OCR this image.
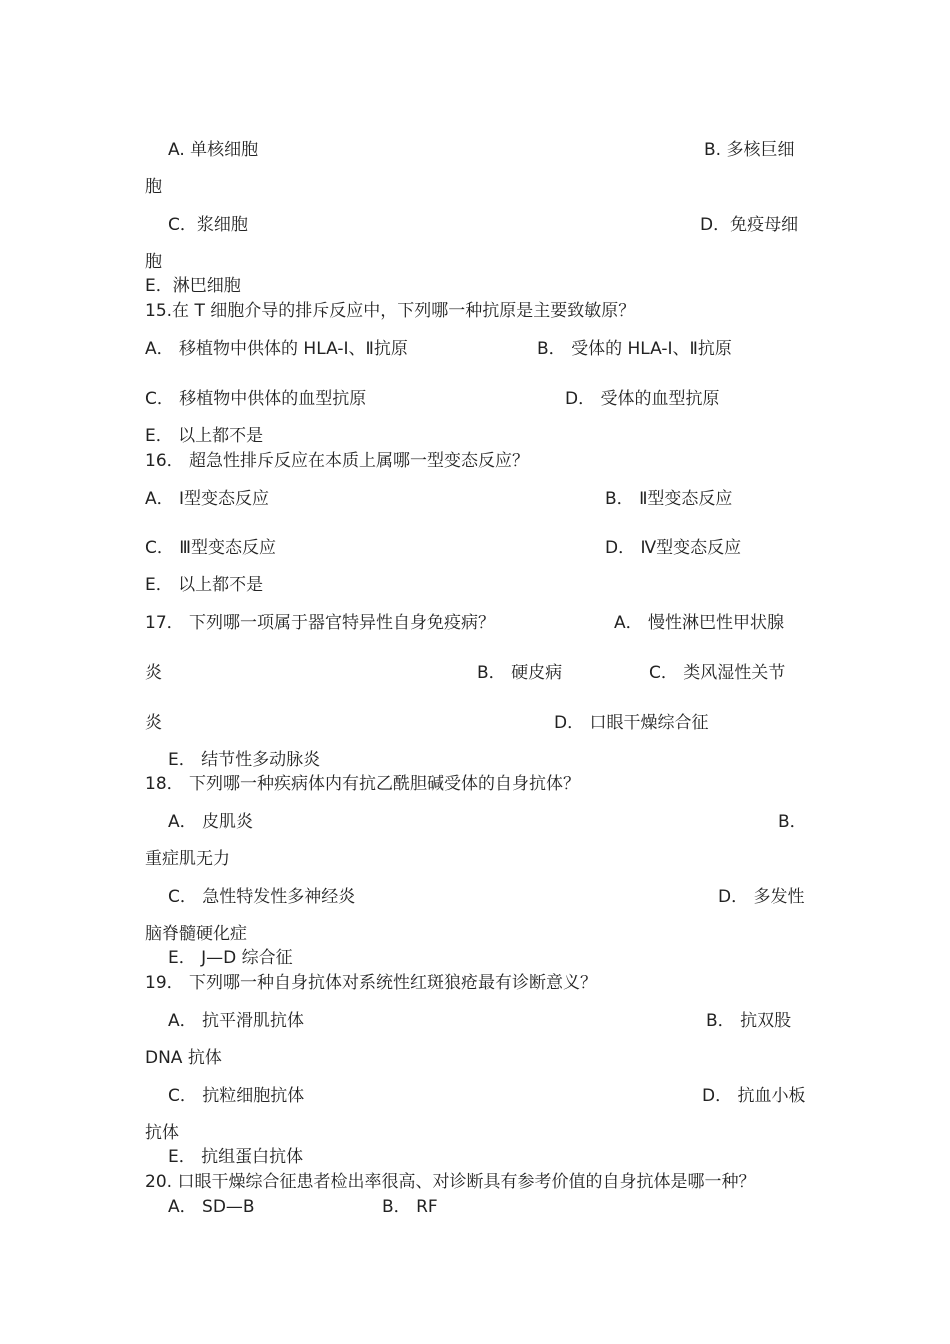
A. 单核细胞	B. 多核巨细
胞
C．浆细胞	D．免疫母细
胞
E．淋巴细胞
15.在 T 细胞介导的排斥反应中，下列哪一种抗原是主要致敏原？
A． 移植物中供体的 HLA-Ⅰ、Ⅱ抗原	B． 受体的 HLA-Ⅰ、Ⅱ抗原
C． 移植物中供体的血型抗原	D． 受体的血型抗原
E． 以上都不是
16． 超急性排斥反应在本质上属哪一型变态反应？
A． Ⅰ型变态反应	B． Ⅱ型变态反应
C． Ⅲ型变态反应	D． Ⅳ型变态反应
E． 以上都不是
17． 下列哪一项属于器官特异性自身免疫病？	A． 慢性淋巴性甲状腺
炎	B． 硬皮病	C． 类风湿性关节
炎	D． 口眼干燥综合征
E． 结节性多动脉炎
18． 下列哪一种疾病体内有抗乙酰胆碱受体的自身抗体？
A． 皮肌炎	B．
重症肌无力
C． 急性特发性多神经炎	D． 多发性
脑脊髓硬化症
E． J—D 综合征
19． 下列哪一种自身抗体对系统性红斑狼疮最有诊断意义？
A． 抗平滑肌抗体	B． 抗双股
DNA 抗体
C． 抗粒细胞抗体	D． 抗血小板
抗体
E． 抗组蛋白抗体
20. 口眼干燥综合征患者检出率很高、对诊断具有参考价值的自身抗体是哪一种？
A． SD—B	B． RF
